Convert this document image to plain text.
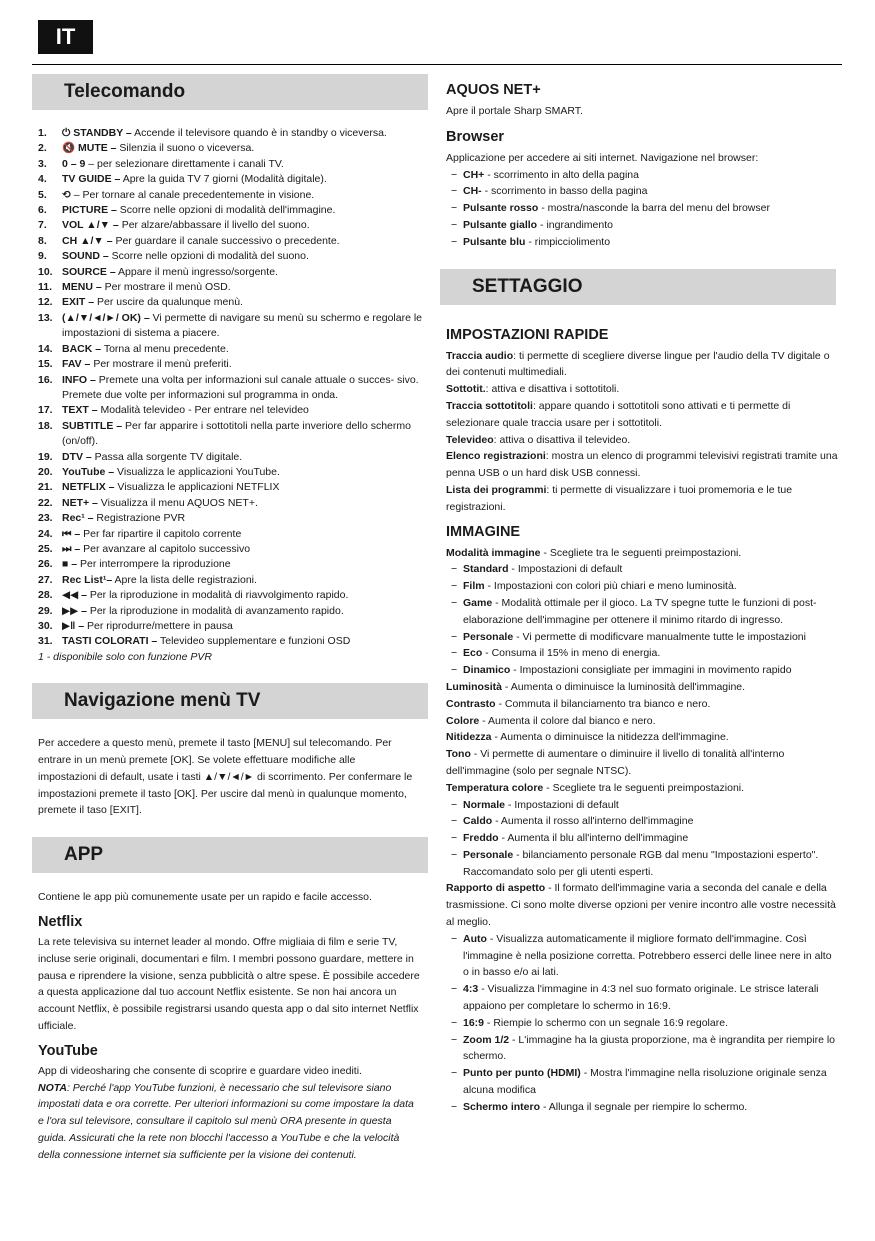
IT
Telecomando
1. ⏻ STANDBY – Accende il televisore quando è in standby o viceversa.
2. 🔇 MUTE – Silenzia il suono o viceversa.
3. 0 – 9 – per selezionare direttamente i canali TV.
4. TV GUIDE – Apre la guida TV 7 giorni (Modalità digitale).
5. ⟲ – Per tornare al canale precedentemente in visione.
6. PICTURE – Scorre nelle opzioni di modalità dell'immagine.
7. VOL ▲/▼ – Per alzare/abbassare il livello del suono.
8. CH ▲/▼ – Per guardare il canale successivo o precedente.
9. SOUND – Scorre nelle opzioni di modalità del suono.
10. SOURCE – Appare il menù ingresso/sorgente.
11. MENU – Per mostrare il menù OSD.
12. EXIT – Per uscire da qualunque menù.
13. (▲/▼/◄/►/ OK) – Vi permette di navigare su menù su schermo e regolare le impostazioni di sistema a piacere.
14. BACK – Torna al menu precedente.
15. FAV – Per mostrare il menù preferiti.
16. INFO – Premete una volta per informazioni sul canale attuale o succes- sivo. Premete due volte per informazioni sul programma in onda.
17. TEXT – Modalità televideo - Per entrare nel televideo
18. SUBTITLE – Per far apparire i sottotitoli nella parte inveriore dello schermo (on/off).
19. DTV – Passa alla sorgente TV digitale.
20. YouTube – Visualizza le applicazioni YouTube.
21. NETFLIX – Visualizza le applicazioni NETFLIX
22. NET+ – Visualizza il menu AQUOS NET+.
23. Rec¹ – Registrazione PVR
24. ⏮ – Per far ripartire il capitolo corrente
25. ⏭ – Per avanzare al capitolo successivo
26. ■ – Per interrompere la riproduzione
27. Rec List¹– Apre la lista delle registrazioni.
28. ◀◀ – Per la riproduzione in modalità di riavvolgimento rapido.
29. ▶▶ – Per la riproduzione in modalità di avanzamento rapido.
30. ▶‖ – Per riprodurre/mettere in pausa
31. TASTI COLORATI – Televideo supplementare e funzioni OSD
1 - disponibile solo con funzione PVR
Navigazione menù TV

Per accedere a questo menù, premete il tasto [MENU] sul telecomando. Per entrare in un menù premete [OK]. Se volete effettuare modifiche alle impostazioni di default, usate i tasti ▲/▼/◄/► di scorrimento. Per confermare le impostazioni premete il tasto [OK]. Per uscire dal menù in qualunque momento, premete il taso [EXIT].

APP

Contiene le app più comunemente usate per un rapido e facile accesso.

Netflix

La rete televisiva su internet leader al mondo. Offre migliaia di film e serie TV, incluse serie originali, documentari e film. I membri possono guardare, mettere in pausa e riprendere la visione, senza pubblicità o altre spese. È possibile accedere a questa applicazione dal tuo account Netflix esistente. Se non hai ancora un account Netflix, è possibile registrarsi usando questa app o dal sito internet Netflix ufficiale.

YouTube

App di videosharing che consente di scoprire e guardare video inediti.

NOTA: Perché l'app YouTube funzioni, è necessario che sul televisore siano impostati data e ora corrette. Per ulteriori informazioni su come impostare la data e l'ora sul televisore, consultare il capitolo sul menù ORA presente in questa guida. Assicurati che la rete non blocchi l'accesso a YouTube e che la velocità della connessione internet sia sufficiente per la visione dei contenuti.

AQUOS NET+

Apre il portale Sharp SMART.

Browser

Applicazione per accedere ai siti internet. Navigazione nel browser:

− CH+ - scorrimento in alto della pagina
− CH- - scorrimento in basso della pagina
− Pulsante rosso - mostra/nasconde la barra del menu del browser
− Pulsante giallo - ingrandimento
− Pulsante blu - rimpicciolimento
SETTAGGIO

IMPOSTAZIONI RAPIDE

Traccia audio: ti permette di scegliere diverse lingue per l'audio della TV digitale o dei contenuti multimediali.
Sottotit.: attiva e disattiva i sottotitoli.
Traccia sottotitoli: appare quando i sottotitoli sono attivati e ti permette di selezionare quale traccia usare per i sottotitoli.
Televideo: attiva o disattiva il televideo.
Elenco registrazioni: mostra un elenco di programmi televisivi registrati tramite una penna USB o un hard disk USB connessi.
Lista dei programmi: ti permette di visualizzare i tuoi promemoria e le tue registrazioni.

IMMAGINE

Modalità immagine - Scegliete tra le seguenti preimpostazioni.

− Standard - Impostazioni di default
− Film - Impostazioni con colori più chiari e meno luminosità.
− Game - Modalità ottimale per il gioco. La TV spegne tutte le funzioni di post-elaborazione dell'immagine per ottenere il minimo ritardo di ingresso.
− Personale - Vi permette di modificvare manualmente tutte le impostazioni
− Eco - Consuma il 15% in meno di energia.
− Dinamico - Impostazioni consigliate per immagini in movimento rapido
Luminosità - Aumenta o diminuisce la luminosità dell'immagine.
Contrasto - Commuta il bilanciamento tra bianco e nero.
Colore - Aumenta il colore dal bianco e nero.
Nitidezza - Aumenta o diminuisce la nitidezza dell'immagine.
Tono - Vi permette di aumentare o diminuire il livello di tonalità all'interno dell'immagine (solo per segnale NTSC).
Temperatura colore - Scegliete tra le seguenti preimpostazioni.
− Normale - Impostazioni di default
− Caldo - Aumenta il rosso all'interno dell'immagine
− Freddo - Aumenta il blu all'interno dell'immagine
− Personale - bilanciamento personale RGB dal menu "Impostazioni esperto". Raccomandato solo per gli utenti esperti.

Rapporto di aspetto - Il formato dell'immagine varia a seconda del canale e della trasmissione. Ci sono molte diverse opzioni per venire incontro alle vostre necessità al meglio.

− Auto - Visualizza automaticamente il migliore formato dell'immagine. Così l'immagine è nella posizione corretta. Potrebbero esserci delle linee nere in alto o in basso e/o ai lati.
− 4:3 - Visualizza l'immagine in 4:3 nel suo formato originale. Le strisce laterali appaiono per completare lo schermo in 16:9.
− 16:9 - Riempie lo schermo con un segnale 16:9 regolare.
− Zoom 1/2 - L'immagine ha la giusta proporzione, ma è ingrandita per riempire lo schermo.
− Punto per punto (HDMI) - Mostra l'immagine nella risoluzione originale senza alcuna modifica
− Schermo intero - Allunga il segnale per riempire lo schermo.
